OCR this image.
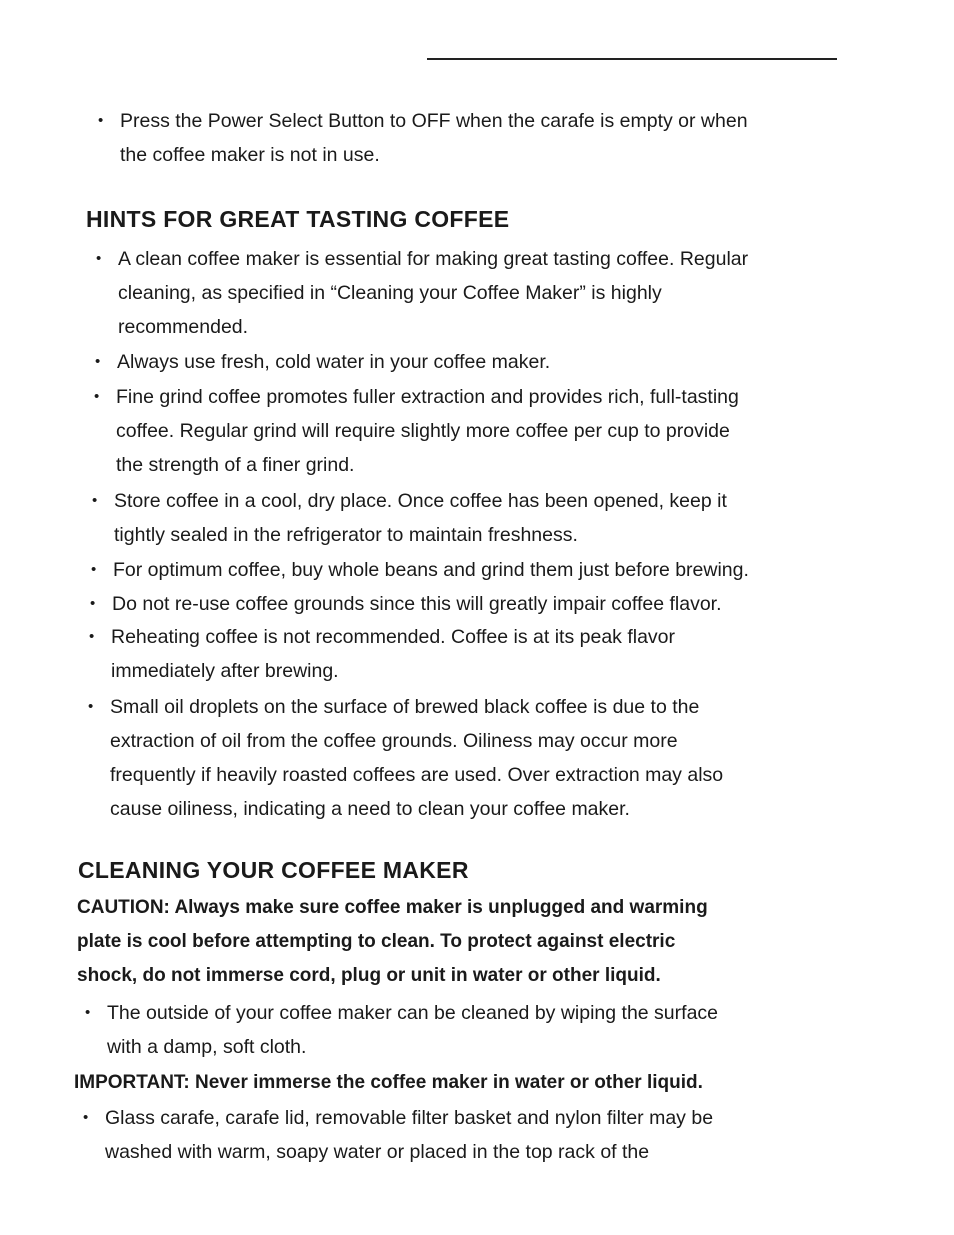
• Press the Power Select Button to OFF when the carafe is empty or when
the coffee maker is not in use.
HINTS FOR GREAT TASTING COFFEE
• A clean coffee maker is essential for making great tasting coffee. Regular
cleaning, as specified in “Cleaning your Coffee Maker” is highly
recommended.
• Always use fresh, cold water in your coffee maker.
• Fine grind coffee promotes fuller extraction and provides rich, full-tasting
coffee. Regular grind will require slightly more coffee per cup to provide
the strength of a finer grind.
• Store coffee in a cool, dry place. Once coffee has been opened, keep it
tightly sealed in the refrigerator to maintain freshness.
• For optimum coffee, buy whole beans and grind them just before brewing.
• Do not re-use coffee grounds since this will greatly impair coffee flavor.
• Reheating coffee is not recommended. Coffee is at its peak flavor
immediately after brewing.
• Small oil droplets on the surface of brewed black coffee is due to the
extraction of oil from the coffee grounds. Oiliness may occur more
frequently if heavily roasted coffees are used. Over extraction may also
cause oiliness, indicating a need to clean your coffee maker.
CLEANING YOUR COFFEE MAKER
CAUTION: Always make sure coffee maker is unplugged and warming
plate is cool before attempting to clean. To protect against electric
shock, do not immerse cord, plug or unit in water or other liquid.
• The outside of your coffee maker can be cleaned by wiping the surface
with a damp, soft cloth.
IMPORTANT: Never immerse the coffee maker in water or other liquid.
• Glass carafe, carafe lid, removable filter basket and nylon filter may be
washed with warm, soapy water or placed in the top rack of the
